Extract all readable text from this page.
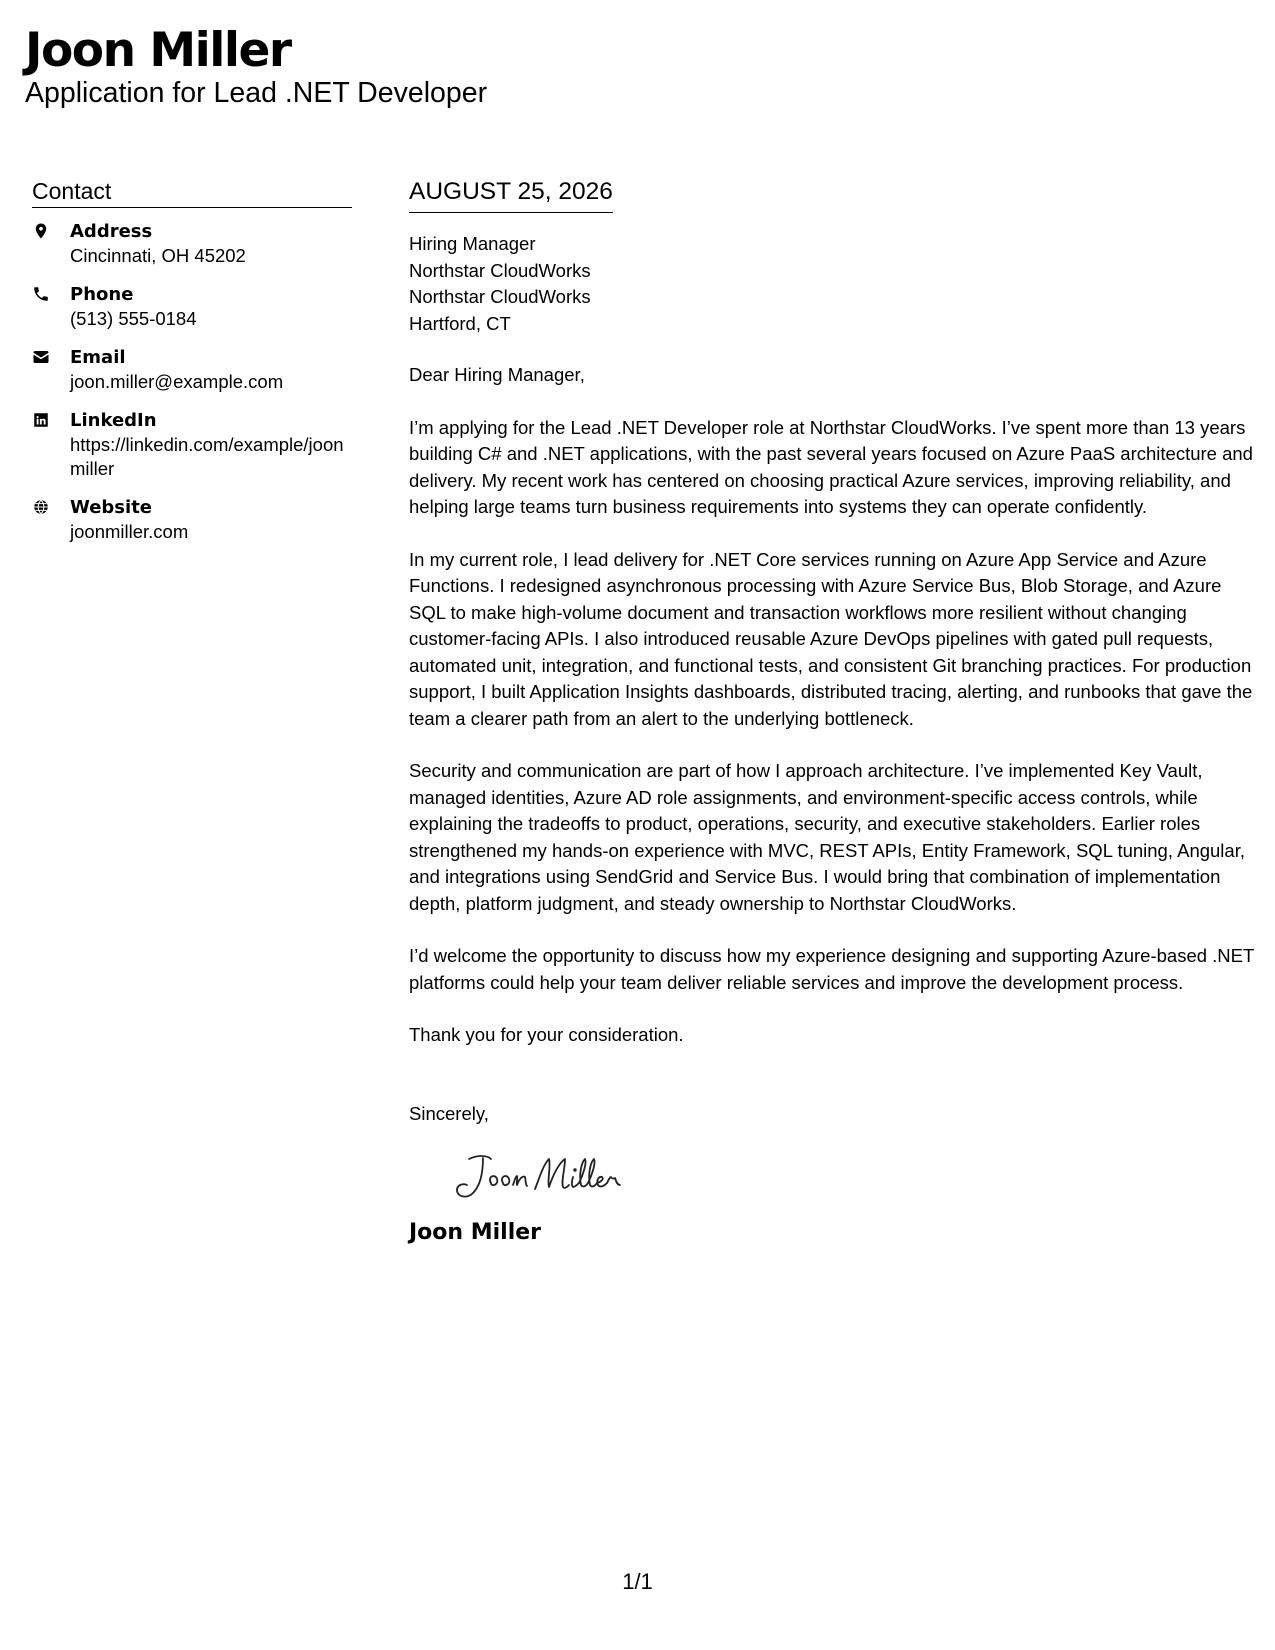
Joon Miller
Application for Lead .NET Developer
Contact
Address
Cincinnati, OH 45202
Phone
(513) 555-0184
Email
joon.miller@example.com
LinkedIn
https://linkedin.com/example/joonmiller
Website
joonmiller.com
AUGUST 25, 2026
Hiring Manager
Northstar CloudWorks
Northstar CloudWorks
Hartford, CT

Dear Hiring Manager,

I’m applying for the Lead .NET Developer role at Northstar CloudWorks. I’ve spent more than 13 years building C# and .NET applications, with the past several years focused on Azure PaaS architecture and delivery. My recent work has centered on choosing practical Azure services, improving reliability, and helping large teams turn business requirements into systems they can operate confidently.

In my current role, I lead delivery for .NET Core services running on Azure App Service and Azure Functions. I redesigned asynchronous processing with Azure Service Bus, Blob Storage, and Azure SQL to make high-volume document and transaction workflows more resilient without changing customer-facing APIs. I also introduced reusable Azure DevOps pipelines with gated pull requests, automated unit, integration, and functional tests, and consistent Git branching practices. For production support, I built Application Insights dashboards, distributed tracing, alerting, and runbooks that gave the team a clearer path from an alert to the underlying bottleneck.

Security and communication are part of how I approach architecture. I’ve implemented Key Vault, managed identities, Azure AD role assignments, and environment-specific access controls, while explaining the tradeoffs to product, operations, security, and executive stakeholders. Earlier roles strengthened my hands-on experience with MVC, REST APIs, Entity Framework, SQL tuning, Angular, and integrations using SendGrid and Service Bus. I would bring that combination of implementation depth, platform judgment, and steady ownership to Northstar CloudWorks.

I’d welcome the opportunity to discuss how my experience designing and supporting Azure-based .NET platforms could help your team deliver reliable services and improve the development process.

Thank you for your consideration.

Sincerely,

Joon Miller
1/1
